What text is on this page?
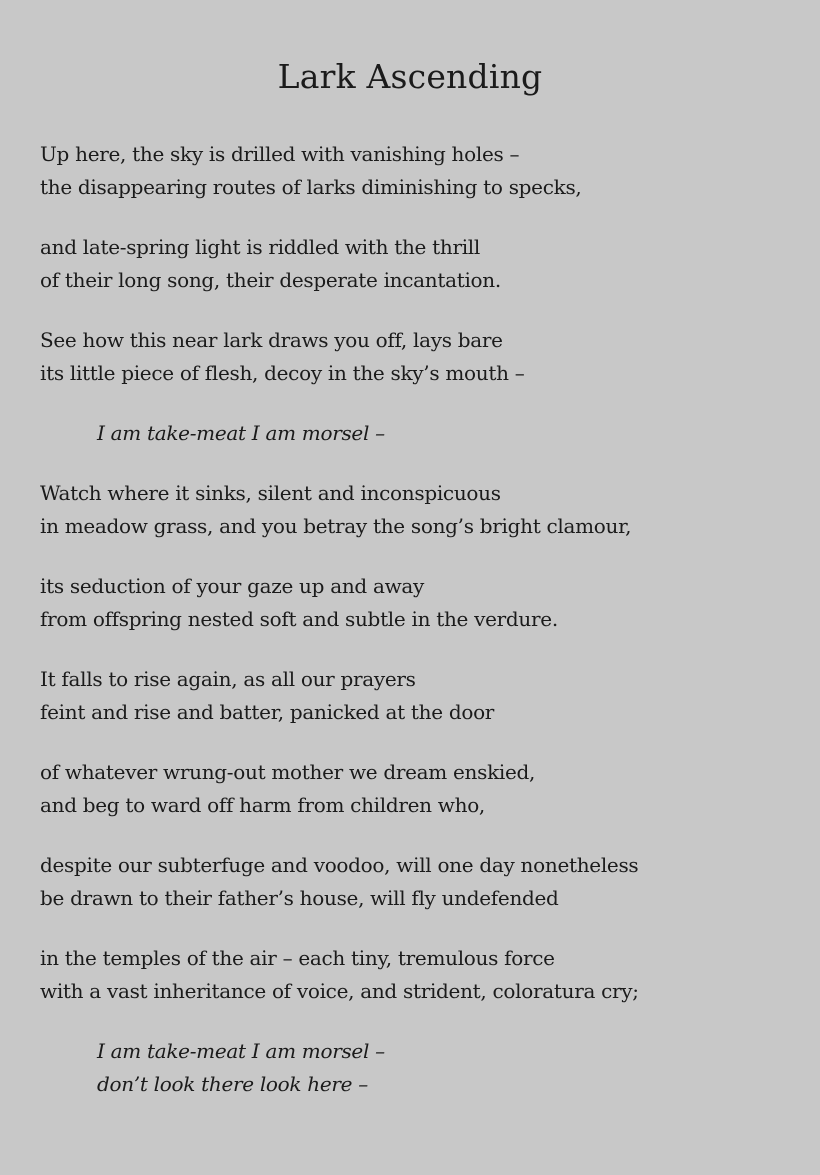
Lark Ascending
Up here, the sky is drilled with vanishing holes –
the disappearing routes of larks diminishing to specks,
and late-spring light is riddled with the thrill
of their long song, their desperate incantation.
See how this near lark draws you off, lays bare
its little piece of flesh, decoy in the sky’s mouth –
I am take-meat I am morsel –
Watch where it sinks, silent and inconspicuous
in meadow grass, and you betray the song’s bright clamour,
its seduction of your gaze up and away
from offspring nested soft and subtle in the verdure.
It falls to rise again, as all our prayers
feint and rise and batter, panicked at the door
of whatever wrung-out mother we dream enskied,
and beg to ward off harm from children who,
despite our subterfuge and voodoo, will one day nonetheless
be drawn to their father’s house, will fly undefended
in the temples of the air – each tiny, tremulous force
with a vast inheritance of voice, and strident, coloratura cry;
I am take-meat I am morsel –
don’t look there look here –
